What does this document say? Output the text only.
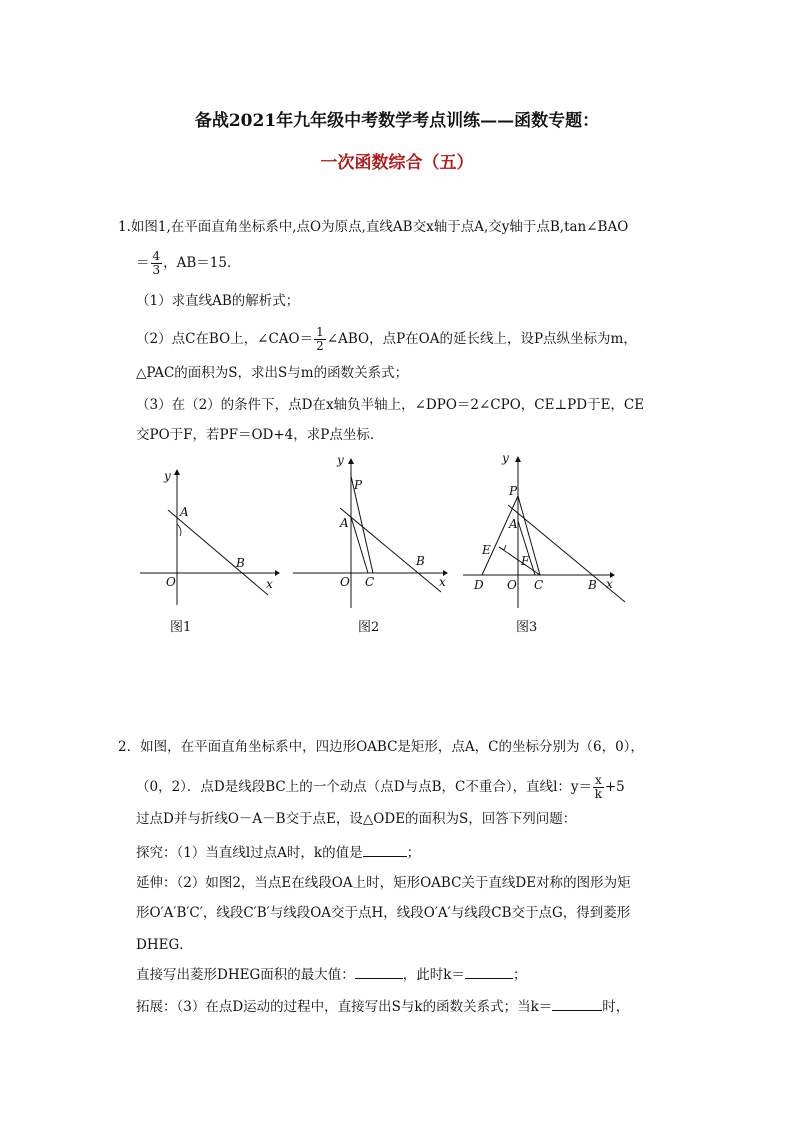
备战2021年九年级中考数学考点训练——函数专题：
一次函数综合（五）
1.如图1,在平面直角坐标系中,点O为原点,直线AB交x轴于点A,交y轴于点B,tan∠BAO
＝ $\frac{4}{3}$ ，AB＝15．
（1）求直线AB的解析式；
（2）点C在BO上，∠CAO＝ $\frac{1}{2}$ ∠ABO，点P在OA的延长线上，设P点纵坐标为m，
△PAC的面积为S，求出S与m的函数关系式；
（3）在（2）的条件下，点D在x轴负半轴上，∠DPO＝2∠CPO，CE⊥PD于E，CE
交PO于F，若PF＝OD+4，求P点坐标．
y
A
B
O	x
图1
y
P
A
B
O C	x
图2
y
P
A
E
F
D O C	B x
图3
2．如图，在平面直角坐标系中，四边形OABC是矩形，点A，C的坐标分别为（6，0），
（0，2）．点D是线段BC上的一个动点（点D与点B，C不重合），直线l：$y= \frac{x}{k} +5$
过点D并与折线O－A－B交于点E，设△ODE的面积为S，回答下列问题：
探究：（1）当直线l过点A时，k的值是	；
延伸：（2）如图2，当点E在线段OA上时，矩形OABC关于直线DE对称的图形为矩
形O′A′B′C′，线段C′B′与线段OA交于点H，线段O′A′与线段CB交于点G，得到菱形
DHEG．
直接写出菱形DHEG面积的最大值：	，此时k＝	；
拓展：（3）在点D运动的过程中，直接写出S与k的函数关系式；当k＝	时，
